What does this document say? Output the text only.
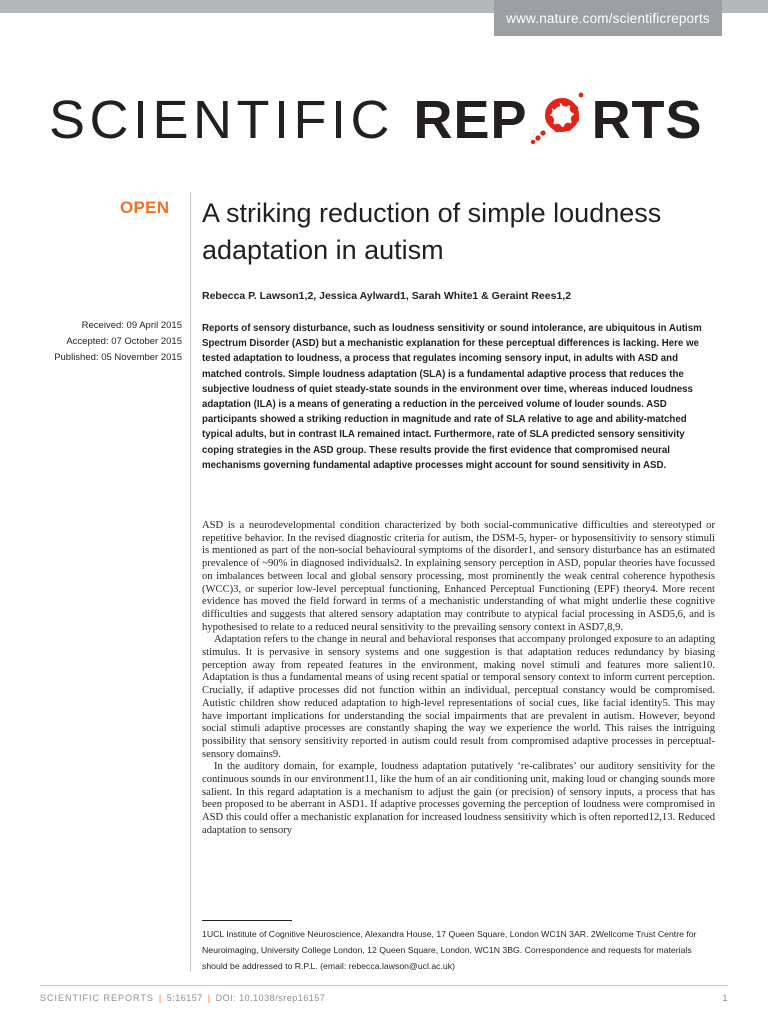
www.nature.com/scientificreports
SCIENTIFIC REP RTS
OPEN A striking reduction of simple loudness adaptation in autism
Rebecca P. Lawson1,2, Jessica Aylward1, Sarah White1 & Geraint Rees1,2
Received: 09 April 2015
Accepted: 07 October 2015
Published: 05 November 2015

Reports of sensory disturbance, such as loudness sensitivity or sound intolerance, are ubiquitous in Autism Spectrum Disorder (ASD) but a mechanistic explanation for these perceptual differences is lacking. Here we tested adaptation to loudness, a process that regulates incoming sensory input, in adults with ASD and matched controls. Simple loudness adaptation (SLA) is a fundamental adaptive process that reduces the subjective loudness of quiet steady-state sounds in the environment over time, whereas induced loudness adaptation (ILA) is a means of generating a reduction in the perceived volume of louder sounds. ASD participants showed a striking reduction in magnitude and rate of SLA relative to age and ability-matched typical adults, but in contrast ILA remained intact. Furthermore, rate of SLA predicted sensory sensitivity coping strategies in the ASD group. These results provide the first evidence that compromised neural mechanisms governing fundamental adaptive processes might account for sound sensitivity in ASD.

ASD is a neurodevelopmental condition characterized by both social-communicative difficulties and stereotyped or repetitive behavior. In the revised diagnostic criteria for autism, the DSM-5, hyper- or hyposensitivity to sensory stimuli is mentioned as part of the non-social behavioural symptoms of the disorder1, and sensory disturbance has an estimated prevalence of ~90% in diagnosed individuals2. In explaining sensory perception in ASD, popular theories have focussed on imbalances between local and global sensory processing, most prominently the weak central coherence hypothesis (WCC)3, or superior low-level perceptual functioning, Enhanced Perceptual Functioning (EPF) theory4. More recent evidence has moved the field forward in terms of a mechanistic understanding of what might underlie these cognitive difficulties and suggests that altered sensory adaptation may contribute to atypical facial processing in ASD5,6, and is hypothesised to relate to a reduced neural sensitivity to the prevailing sensory context in ASD7,8,9.

Adaptation refers to the change in neural and behavioral responses that accompany prolonged exposure to an adapting stimulus. It is pervasive in sensory systems and one suggestion is that adaptation reduces redundancy by biasing perception away from repeated features in the environment, making novel stimuli and features more salient10. Adaptation is thus a fundamental means of using recent spatial or temporal sensory context to inform current perception. Crucially, if adaptive processes did not function within an individual, perceptual constancy would be compromised. Autistic children show reduced adaptation to high-level representations of social cues, like facial identity5. This may have important implications for understanding the social impairments that are prevalent in autism. However, beyond social stimuli adaptive processes are constantly shaping the way we experience the world. This raises the intriguing possibility that sensory sensitivity reported in autism could result from compromised adaptive processes in perceptual-sensory domains9.

In the auditory domain, for example, loudness adaptation putatively ‘re-calibrates’ our auditory sensitivity for the continuous sounds in our environment11, like the hum of an air conditioning unit, making loud or changing sounds more salient. In this regard adaptation is a mechanism to adjust the gain (or precision) of sensory inputs, a process that has been proposed to be aberrant in ASD1. If adaptive processes governing the perception of loudness were compromised in ASD this could offer a mechanistic explanation for increased loudness sensitivity which is often reported12,13. Reduced adaptation to sensory

1UCL Institute of Cognitive Neuroscience, Alexandra House, 17 Queen Square, London WC1N 3AR. 2Wellcome Trust Centre for Neuroimaging, University College London, 12 Queen Square, London, WC1N 3BG. Correspondence and requests for materials should be addressed to R.P.L. (email: rebecca.lawson@ucl.ac.uk)

SCIENTIFIC REPORTS | 5:16157 | DOI: 10.1038/srep16157	1
